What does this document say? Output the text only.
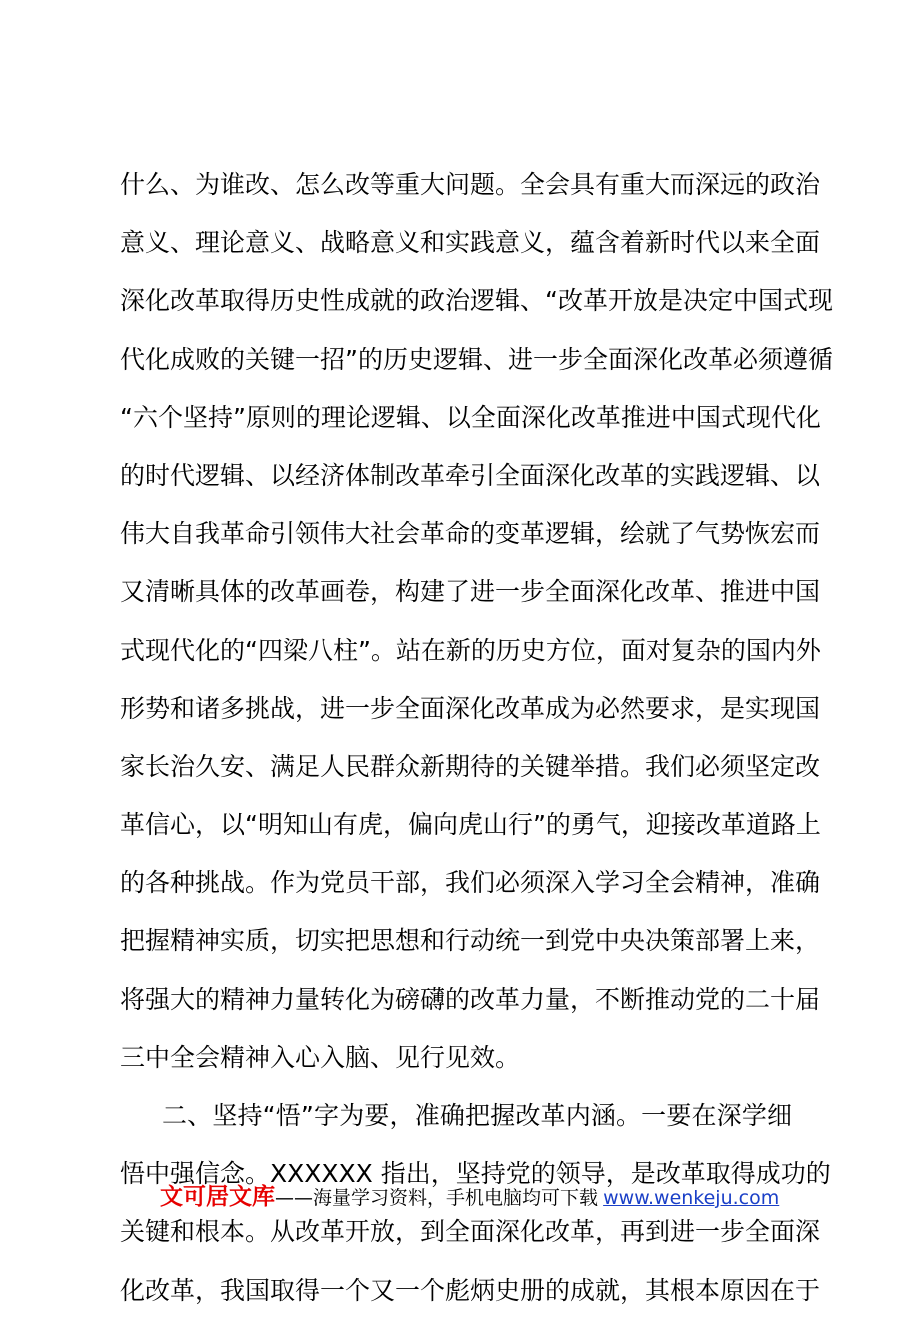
什么、为谁改、怎么改等重大问题。全会具有重大而深远的政治
意义、理论意义、战略意义和实践意义，蕴含着新时代以来全面
深化改革取得历史性成就的政治逻辑、“改革开放是决定中国式现
代化成败的关键一招”的历史逻辑、进一步全面深化改革必须遵循
“六个坚持”原则的理论逻辑、以全面深化改革推进中国式现代化
的时代逻辑、以经济体制改革牵引全面深化改革的实践逻辑、以
伟大自我革命引领伟大社会革命的变革逻辑，绘就了气势恢宏而
又清晰具体的改革画卷，构建了进一步全面深化改革、推进中国
式现代化的“四梁八柱”。站在新的历史方位，面对复杂的国内外
形势和诸多挑战，进一步全面深化改革成为必然要求，是实现国
家长治久安、满足人民群众新期待的关键举措。我们必须坚定改
革信心，以“明知山有虎，偏向虎山行”的勇气，迎接改革道路上
的各种挑战。作为党员干部，我们必须深入学习全会精神，准确
把握精神实质，切实把思想和行动统一到党中央决策部署上来，
将强大的精神力量转化为磅礴的改革力量，不断推动党的二十届
三中全会精神入心入脑、见行见效。
二、坚持“悟”字为要，准确把握改革内涵。一要在深学细
悟中强信念。XXXXXX 指出，坚持党的领导，是改革取得成功的
关键和根本。从改革开放，到全面深化改革，再到进一步全面深
化改革，我国取得一个又一个彪炳史册的成就，其根本原因在于
文可居文库——海量学习资料，手机电脑均可下载 www.wenkeju.com
